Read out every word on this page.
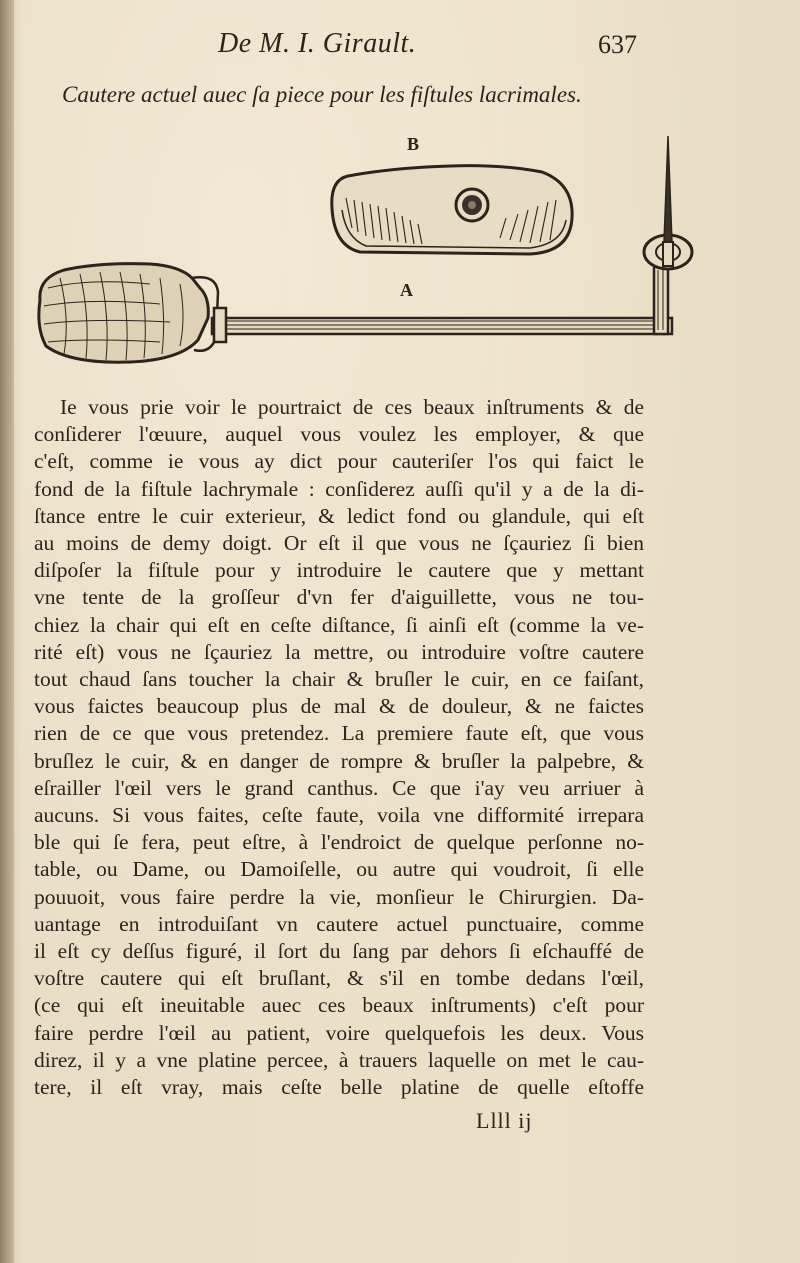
De M. I. Girault.	637
Cautere actuel auec ſa piece pour les fiſtules lacrimales.
B
A
Ie vous prie voir le pourtraict de ces beaux inſtruments & de
conſiderer l'œuure, auquel vous voulez les employer, & que
c'eſt, comme ie vous ay dict pour cauteriſer l'os qui faict le
fond de la fiſtule lachrymale : conſiderez auſſi qu'il y a de la di-
ſtance entre le cuir exterieur, & ledict fond ou glandule, qui eſt
au moins de demy doigt. Or eſt il que vous ne ſçauriez ſi bien
diſpoſer la fiſtule pour y introduire le cautere que y mettant
vne tente de la groſſeur d'vn fer d'aiguillette, vous ne tou-
chiez la chair qui eſt en ceſte diſtance, ſi ainſi eſt (comme la ve-
rité eſt) vous ne ſçauriez la mettre, ou introduire voſtre cautere
tout chaud ſans toucher la chair & bruſler le cuir, en ce faiſant,
vous faictes beaucoup plus de mal & de douleur, & ne faictes
rien de ce que vous pretendez. La premiere faute eſt, que vous
bruſlez le cuir, & en danger de rompre & bruſler la palpebre, &
eſrailler l'œil vers le grand canthus. Ce que i'ay veu arriuer à
aucuns. Si vous faites, ceſte faute, voila vne difformité irrepara
ble qui ſe fera, peut eſtre, à l'endroict de quelque perſonne no-
table, ou Dame, ou Damoiſelle, ou autre qui voudroit, ſi elle
pouuoit, vous faire perdre la vie, monſieur le Chirurgien. Da-
uantage en introduiſant vn cautere actuel punctuaire, comme
il eſt cy deſſus figuré, il ſort du ſang par dehors ſi eſchauffé de
voſtre cautere qui eſt bruſlant, & s'il en tombe dedans l'œil,
(ce qui eſt ineuitable auec ces beaux inſtruments) c'eſt pour
faire perdre l'œil au patient, voire quelquefois les deux. Vous
direz, il y a vne platine percee, à trauers laquelle on met le cau-
tere, il eſt vray, mais ceſte belle platine de quelle eſtoffe
Llll ij
